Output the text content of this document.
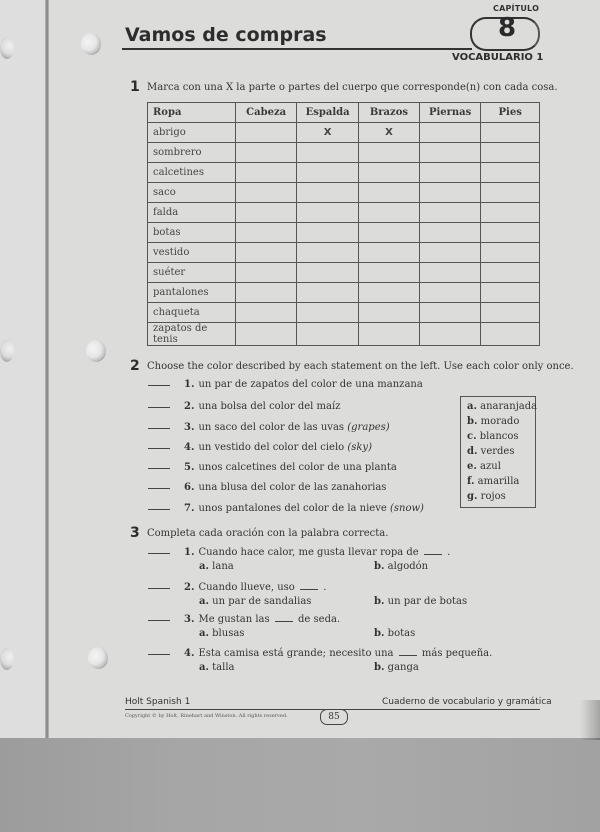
CAPÍTULO
8
Vamos de compras
VOCABULARIO 1
1 Marca con una X la parte o partes del cuerpo que corresponde(n) con cada cosa.
Ropa	Cabeza	Espalda	Brazos	Piernas	Pies
abrigo		X	X		
sombrero					
calcetines					
saco					
falda					
botas					
vestido					
suéter					
pantalones					
chaqueta					
zapatos de tenis					
2 Choose the color described by each statement on the left. Use each color only once.
1. un par de zapatos del color de una manzana
2. una bolsa del color del maíz
3. un saco del color de las uvas (grapes)
4. un vestido del color del cielo (sky)
5. unos calcetines del color de una planta
6. una blusa del color de las zanahorias
7. unos pantalones del color de la nieve (snow)
a. anaranjada
b. morado
c. blancos
d. verdes
e. azul
f. amarilla
g. rojos
3 Completa cada oración con la palabra correcta.
1. Cuando hace calor, me gusta llevar ropa de	.
a. lana	b. algodón
2. Cuando llueve, uso	.
a. un par de sandalias	b. un par de botas
3. Me gustan las	de seda.
a. blusas	b. botas
4. Esta camisa está grande; necesito una	más pequeña.
a. talla	b. ganga
Holt Spanish 1	Cuaderno de vocabulario y gramática
Copyright © by Holt, Rinehart and Winston. All rights reserved.	85
